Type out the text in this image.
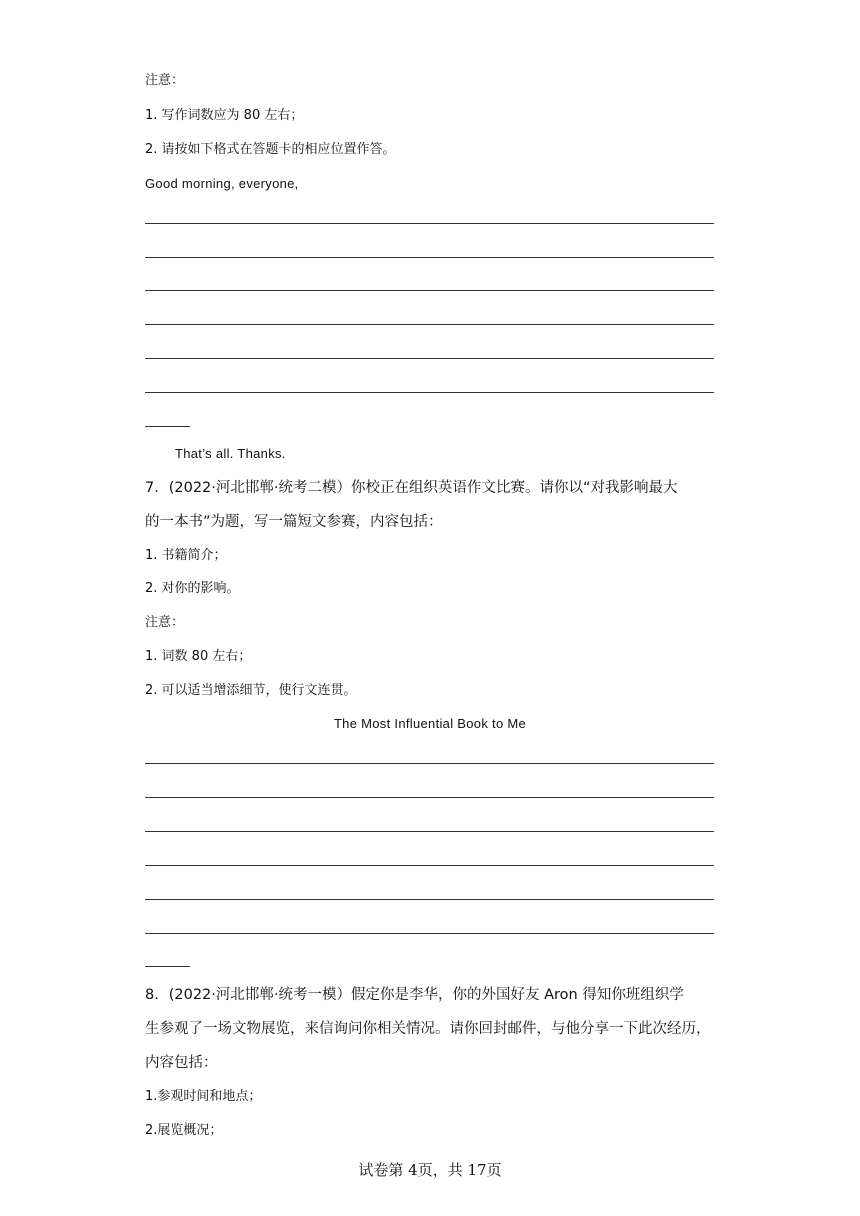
注意：
1. 写作词数应为 80 左右；
2. 请按如下格式在答题卡的相应位置作答。
Good morning, everyone,
That’s all. Thanks.
7．(2022·河北邯郸·统考二模）你校正在组织英语作文比赛。请你以“对我影响最大
的一本书”为题，写一篇短文参赛，内容包括：
1. 书籍简介；
2. 对你的影响。
注意：
1. 词数 80 左右；
2. 可以适当增添细节，使行文连贯。
The Most Influential Book to Me
8．(2022·河北邯郸·统考一模）假定你是李华，你的外国好友 Aron 得知你班组织学
生参观了一场文物展览，来信询问你相关情况。请你回封邮件，与他分享一下此次经历，
内容包括：
1.参观时间和地点；
2.展览概况；
试卷第 4页，共 17页
